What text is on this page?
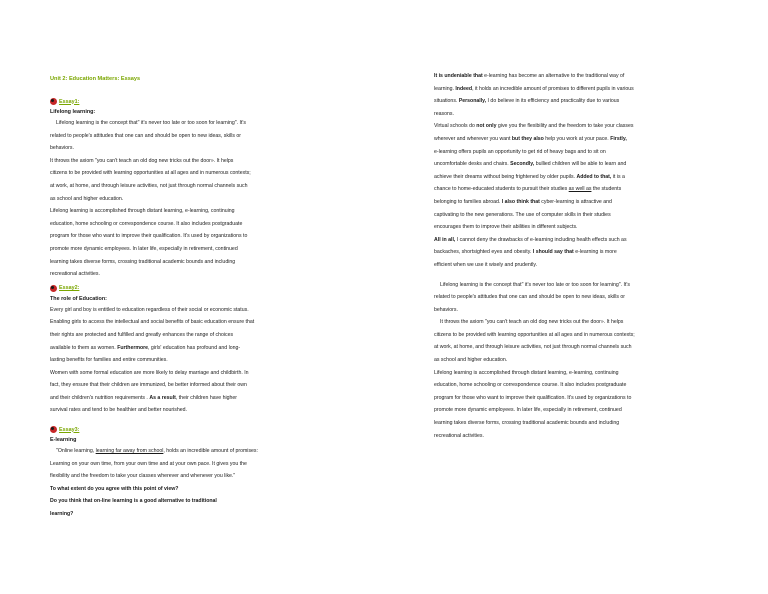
Unit 2: Education Matters: Essays

Essay1:

Lifelong learning:

Lifelong learning is the concept that" it's never too late or too soon for learning". It's

related to people's attitudes that one can and should be open to new ideas, skills or

behaviors.

It throws the axiom "you can't teach an old dog new tricks out the door». It helps

citizens to be provided with learning opportunities at all ages and in numerous contexts;

at work, at home, and through leisure activities, not just through normal channels such

as school and higher education.

Lifelong learning is accomplished through distant learning, e-learning, continuing

education, home schooling or correspondence course. It also includes postgraduate

program for those who want to improve their qualification. It's used by organizations to

promote more dynamic employees. In later life, especially in retirement, continued

learning takes diverse forms, crossing traditional academic bounds and including

recreational activities.

Essay2:

The role of Education:

Every girl and boy is entitled to education regardless of their social or economic status.

Enabling girls to access the intellectual and social benefits of basic education ensure that

their rights are protected and fulfilled and greatly enhances the range of choices

available to them as women. Furthermore, girls' education has profound and long-

lasting benefits for families and entire communities.

Women with some formal education are more likely to delay marriage and childbirth. In

fact, they ensure that their children are immunized, be better informed about their own

and their children's nutrition requirements . As a result, their children have higher

survival rates and tend to be healthier and better nourished.

Essay3:

E-learning

"Online learning, learning far away from school, holds an incredible amount of promises:

Learning on your own time, from your own time and at your own pace. It gives you the

flexibility and the freedom to take your classes wherever and whenever you like."

To what extent do you agree with this point of view?

Do you think that on-line learning is a good alternative to traditional

learning?

It is undeniable that e-learning has become an alternative to the traditional way of

learning. Indeed, it holds an incredible amount of promises to different pupils in various

situations. Personally, I do believe in its efficiency and practicality due to various

reasons.

Virtual schools do not only give you the flexibility and the freedom to take your classes

wherever and wherever you want but they also help you work at your pace. Firstly,

e-learning offers pupils an opportunity to get rid of heavy bags and to sit on

uncomfortable desks and chairs. Secondly, bullied children will be able to learn and

achieve their dreams without being frightened by older pupils. Added to that, it is a

chance to home-educated students to pursuit their studies as well as the students

belonging to families abroad. I also think that cyber-learning is attractive and

captivating to the new generations. The use of computer skills in their studies

encourages them to improve their abilities in different subjects.

All in all, I cannot deny the drawbacks of e-learning including health effects such as

backaches, shortsighted eyes and obesity. I should say that e-learning is more

efficient when we use it wisely and prudently.

Lifelong learning is the concept that" it's never too late or too soon for learning". It's

related to people's attitudes that one can and should be open to new ideas, skills or

behaviors.

It throws the axiom "you can't teach an old dog new tricks out the door». It helps

citizens to be provided with learning opportunities at all ages and in numerous contexts;

at work, at home, and through leisure activities, not just through normal channels such

as school and higher education.

Lifelong learning is accomplished through distant learning, e-learning, continuing

education, home schooling or correspondence course. It also includes postgraduate

program for those who want to improve their qualification. It's used by organizations to

promote more dynamic employees. In later life, especially in retirement, continued

learning takes diverse forms, crossing traditional academic bounds and including

recreational activities.
